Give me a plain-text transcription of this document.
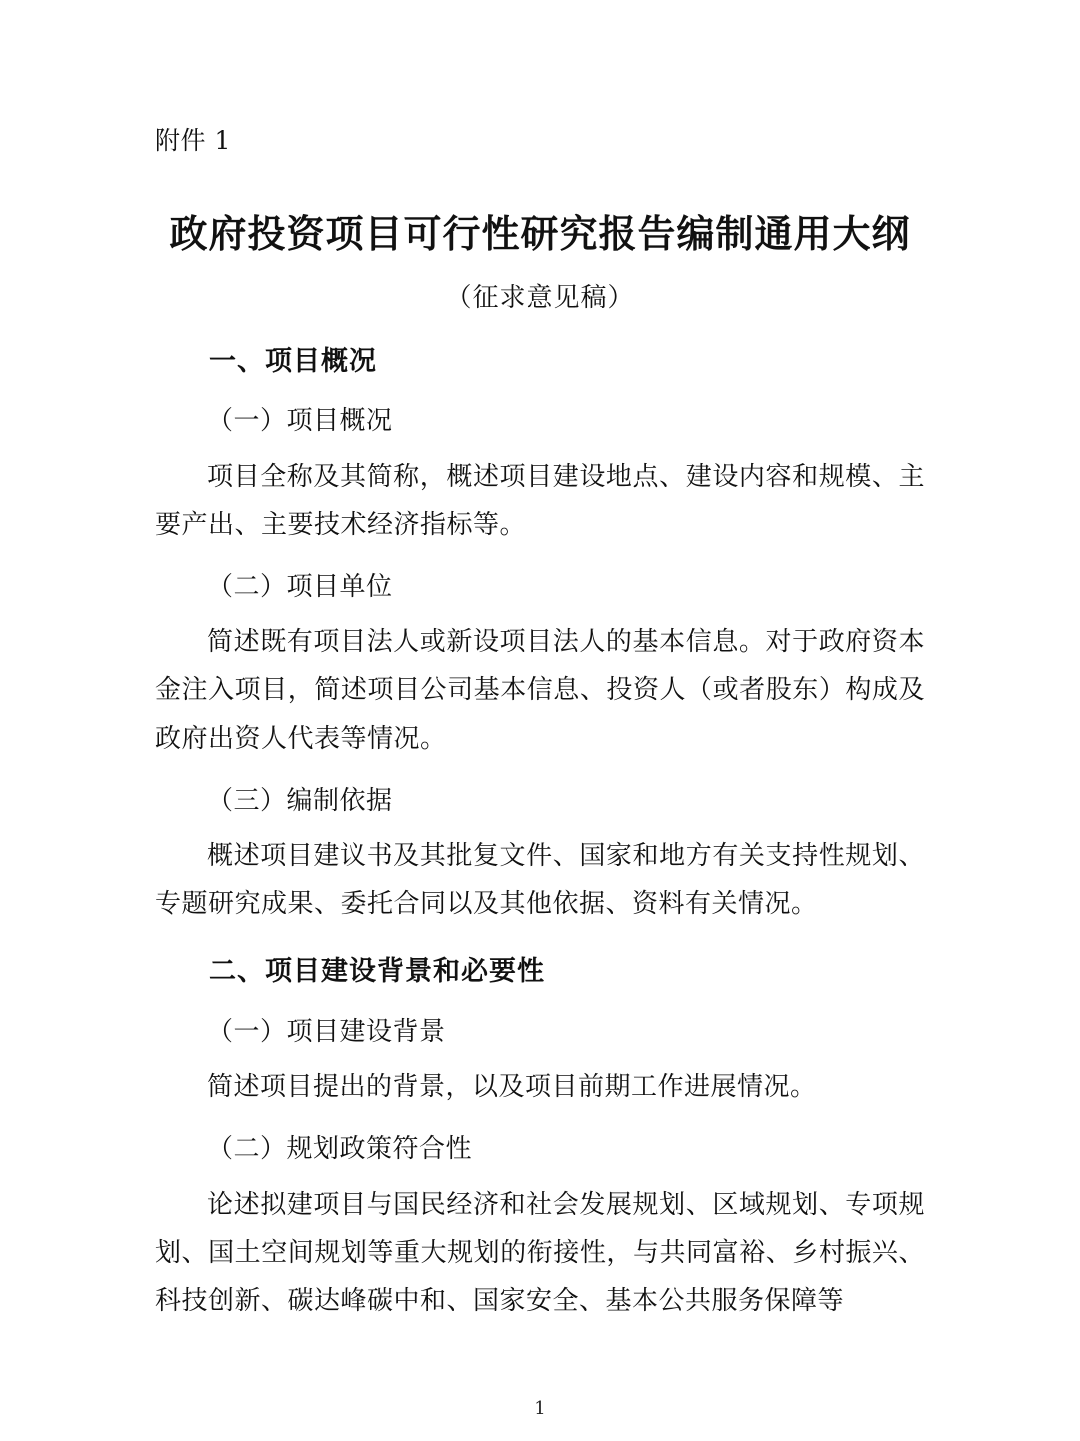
附件 1
政府投资项目可行性研究报告编制通用大纲
（征求意见稿）
一、项目概况
（一）项目概况

项目全称及其简称，概述项目建设地点、建设内容和规模、主要产出、主要技术经济指标等。

（二）项目单位

简述既有项目法人或新设项目法人的基本信息。对于政府资本金注入项目，简述项目公司基本信息、投资人（或者股东）构成及政府出资人代表等情况。

（三）编制依据

概述项目建议书及其批复文件、国家和地方有关支持性规划、专题研究成果、委托合同以及其他依据、资料有关情况。

二、项目建设背景和必要性
（一）项目建设背景

简述项目提出的背景，以及项目前期工作进展情况。

（二）规划政策符合性

论述拟建项目与国民经济和社会发展规划、区域规划、专项规划、国土空间规划等重大规划的衔接性，与共同富裕、乡村振兴、科技创新、碳达峰碳中和、国家安全、基本公共服务保障等

1
